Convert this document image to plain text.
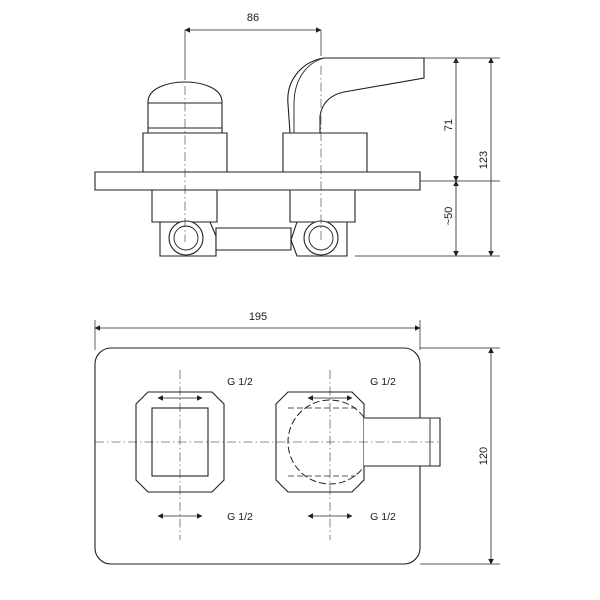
86
71
~50
123
G 1/2	G 1/2
G 1/2	G 1/2
195
120
